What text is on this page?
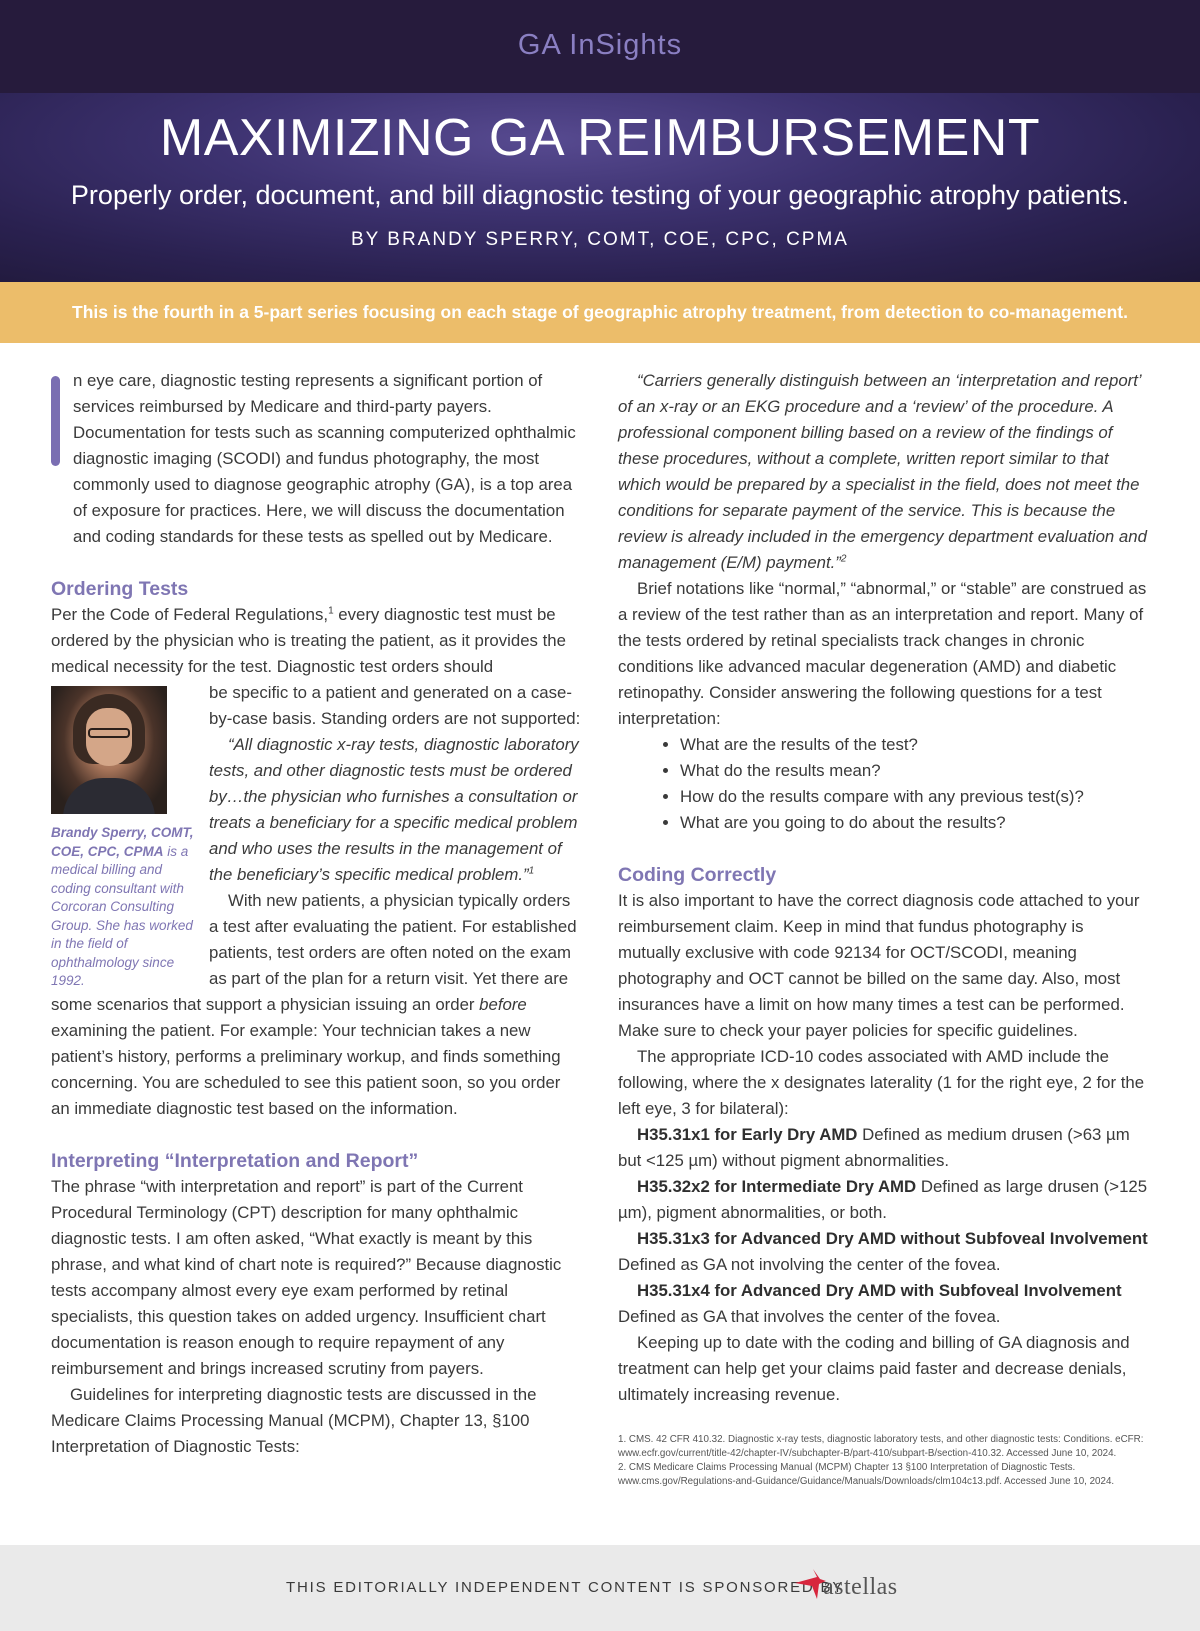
GA InSights
MAXIMIZING GA REIMBURSEMENT
Properly order, document, and bill diagnostic testing of your geographic atrophy patients.
BY BRANDY SPERRY, COMT, COE, CPC, CPMA
This is the fourth in a 5-part series focusing on each stage of geographic atrophy treatment, from detection to co-management.

n eye care, diagnostic testing represents a significant portion of services reimbursed by Medicare and third-party payers. Documentation for tests such as scanning computerized ophthalmic diagnostic imaging (SCODI) and fundus photography, the most commonly used to diagnose geographic atrophy (GA), is a top area of exposure for practices. Here, we will discuss the documentation and coding standards for these tests as spelled out by Medicare.

Ordering Tests

Per the Code of Federal Regulations,$^1$ every diagnostic test must be ordered by the physician who is treating the patient, as it provides the medical necessity for the test. Diagnostic test orders should

Brandy Sperry, COMT, COE, CPC, CPMA is a medical billing and coding consultant with Corcoran Consulting Group. She has worked in the field of ophthalmology since 1992.

be specific to a patient and generated on a case-by-case basis. Standing orders are not supported:

“All diagnostic x-ray tests, diagnostic laboratory tests, and other diagnostic tests must be ordered by…the physician who furnishes a consultation or treats a beneficiary for a specific medical problem and who uses the results in the management of the beneficiary’s specific medical problem.”$^1$

With new patients, a physician typically orders a test after evaluating the patient. For established patients, test orders are often noted on the exam as part of the plan for a return visit. Yet there are some scenarios that support a physician issuing an order before examining the patient. For example: Your technician takes a new patient’s history, performs a preliminary workup, and finds something concerning. You are scheduled to see this patient soon, so you order an immediate diagnostic test based on the information.

Interpreting “Interpretation and Report”

The phrase “with interpretation and report” is part of the Current Procedural Terminology (CPT) description for many ophthalmic diagnostic tests. I am often asked, “What exactly is meant by this phrase, and what kind of chart note is required?” Because diagnostic tests accompany almost every eye exam performed by retinal specialists, this question takes on added urgency. Insufficient chart documentation is reason enough to require repayment of any reimbursement and brings increased scrutiny from payers.

Guidelines for interpreting diagnostic tests are discussed in the Medicare Claims Processing Manual (MCPM), Chapter 13, §100 Interpretation of Diagnostic Tests:

“Carriers generally distinguish between an ‘interpretation and report’ of an x-ray or an EKG procedure and a ‘review’ of the procedure. A professional component billing based on a review of the findings of these procedures, without a complete, written report similar to that which would be prepared by a specialist in the field, does not meet the conditions for separate payment of the service. This is because the review is already included in the emergency department evaluation and management (E/M) payment.”$^2$

Brief notations like “normal,” “abnormal,” or “stable” are construed as a review of the test rather than as an interpretation and report. Many of the tests ordered by retinal specialists track changes in chronic conditions like advanced macular degeneration (AMD) and diabetic retinopathy. Consider answering the following questions for a test interpretation:

• What are the results of the test?
• What do the results mean?
• How do the results compare with any previous test(s)?
• What are you going to do about the results?
Coding Correctly

It is also important to have the correct diagnosis code attached to your reimbursement claim. Keep in mind that fundus photography is mutually exclusive with code 92134 for OCT/SCODI, meaning photography and OCT cannot be billed on the same day. Also, most insurances have a limit on how many times a test can be performed. Make sure to check your payer policies for specific guidelines.

The appropriate ICD-10 codes associated with AMD include the following, where the x designates laterality (1 for the right eye, 2 for the left eye, 3 for bilateral):

H35.31x1 for Early Dry AMD Defined as medium drusen (>63 µm but <125 µm) without pigment abnormalities.

H35.32x2 for Intermediate Dry AMD Defined as large drusen (>125 µm), pigment abnormalities, or both.

H35.31x3 for Advanced Dry AMD without Subfoveal Involvement Defined as GA not involving the center of the fovea.

H35.31x4 for Advanced Dry AMD with Subfoveal Involvement Defined as GA that involves the center of the fovea.

Keeping up to date with the coding and billing of GA diagnosis and treatment can help get your claims paid faster and decrease denials, ultimately increasing revenue.

1. CMS. 42 CFR 410.32. Diagnostic x-ray tests, diagnostic laboratory tests, and other diagnostic tests: Conditions. eCFR: www.ecfr.gov/current/title-42/chapter-IV/subchapter-B/part-410/subpart-B/section-410.32. Accessed June 10, 2024.
2. CMS Medicare Claims Processing Manual (MCPM) Chapter 13 §100 Interpretation of Diagnostic Tests. www.cms.gov/Regulations-and-Guidance/Guidance/Manuals/Downloads/clm104c13.pdf. Accessed June 10, 2024.
THIS EDITORIALLY INDEPENDENT CONTENT IS SPONSORED BY
astellas
